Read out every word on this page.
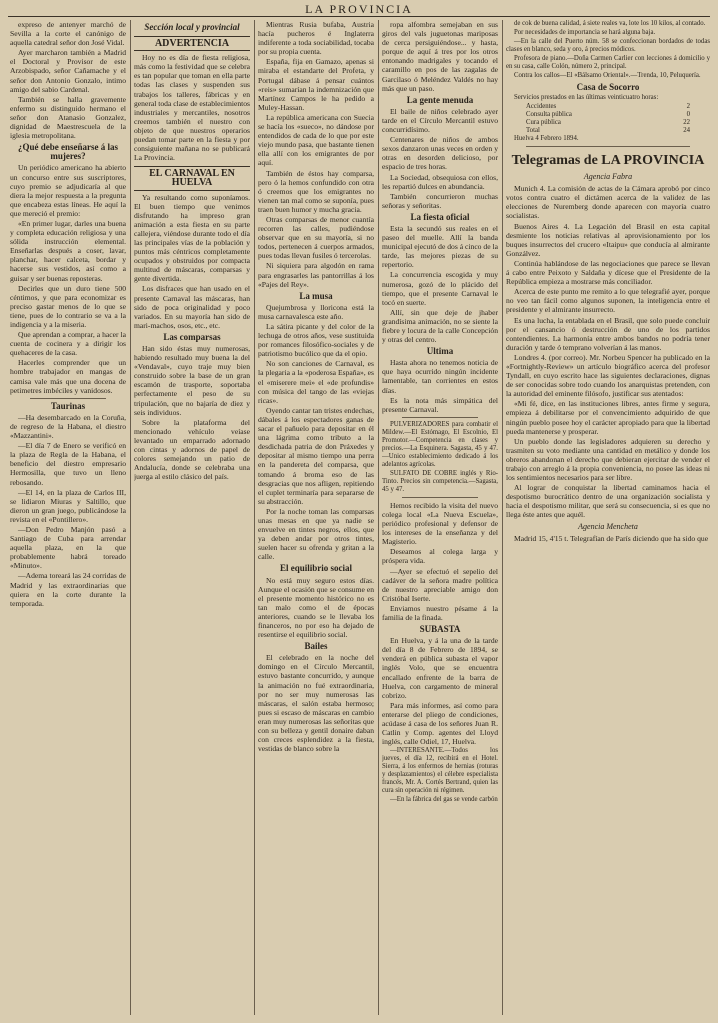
LA PROVINCIA

expreso de antenyer marchó de Sevilla a la corte el canónigo de aquella catedral señor don José Vidal.

Ayer marcharon también a Madrid el Doctoral y Provisor de este Arzobispado, señor Cañamache y el señor don Antonio Gonzalo, intimo amigo del sabio Cardenal.

También se halla gravemente enfermo su distinguido hermano el señor don Atanasio Gonzalez, dignidad de Maestrescuela de la iglesia metropolitana.

¿Qué debe enseñarse á las mujeres?

Un periódico americano ha abierto un concurso entre sus suscriptores, cuyo premio se adjudicaría al que diera la mejor respuesta a la pregunta que encabeza estas líneas. He aquí la que mereció el premio:

«En primer lugar, darles una buena y completa educación religiosa y una sólida instrucción elemental. Enseñarlas después a coser, lavar, planchar, hacer calceta, bordar y hacerse sus vestidos, así como a guisar y ser buenas reposteras.

Decirles que un duro tiene 500 céntimos, y que para economizar es preciso gastar menos de lo que se tiene, pues de lo contrario se va a la indigencia y a la miseria.

Que aprendan a comprar, a hacer la cuenta de cocinera y a dirigir los quehaceres de la casa.

Hacerles comprender que un hombre trabajador en mangas de camisa vale más que una docena de petimetres imbéciles y vanidosos.

Taurinas

—Ha desembarcado en la Coruña, de regreso de la Habana, el diestro «Mazzantini».

—El día 7 de Enero se verificó en la plaza de Regla de la Habana, el beneficio del diestro empresario Hermosilla, que tuvo un lleno rebosando.

—El 14, en la plaza de Carlos III, se lidiaron Miuras y Saltillo, que dieron un gran juego, publicándose la revista en el «Pontillero».

—Don Pedro Manjón pasó a Santiago de Cuba para arrendar aquella plaza, en la que probablemente habrá toreado «Minuto».

—Adema toreará las 24 corridas de Madrid y las extraordinarias que quiera en la corte durante la temporada.

Sección local y provincial
ADVERTENCIA

Hoy no es día de fiesta religiosa, más como la festividad que se celebra es tan popular que toman en ella parte todas las clases y suspenden sus trabajos los talleres, fábricas y en general toda clase de establecimientos industriales y mercantiles, nosotros creemos también el nuestro con objeto de que nuestros operarios puedan tomar parte en la fiesta y por consiguiente mañana no se publicará La Provincia.

EL CARNAVAL EN HUELVA

Ya resultando como suponíamos. El buen tiempo que venimos disfrutando ha impreso gran animación a esta fiesta en su parte callejera, viéndose durante todo el día las principales vías de la población y puntos más céntricos completamente ocupados y obstruidos por compacta multitud de máscaras, comparsas y gente divertida.

Los disfraces que han usado en el presente Carnaval las máscaras, han sido de poca originalidad y poco variados. En su mayoría han sido de mari-machos, osos, etc., etc.

Las comparsas

Han sido éstas muy numerosas, habiendo resultado muy buena la del «Vendaval», cuyo traje muy bien construido sobre la base de un gran escamón de trasporte, soportaba perfectamente el peso de su tripulación, que no bajaría de diez y seis individuos.

Sobre la plataforma del mencionado vehículo veíase levantado un emparrado adornado con cintas y adornos de papel de colores semejando un patio de Andalucía, donde se celebraba una juerga al estilo clásico del país.

Mientras Rusia bufaba, Austria hacía pucheros é Inglaterra indiferente a toda sociabilidad, tocaba por su propia cuenta.

España, fija en Gamazo, apenas si miraba el estandarte del Profeta, y Portugal dábase á pensar cuántos «reis» sumarían la indemnización que Martínez Campos le ha pedido a Muley-Hassan.

La república americana con Suecia se hacía los «sueco», no dándose por entendidos de cada de lo que por este viejo mundo pasa, que bastante tienen ella allí con los emigrantes de por aquí.

También de éstos hay comparsa, pero ó la hemos confundido con otra ó creemos que los emigrantes no vienen tan mal como se suponía, pues traen buen humor y mucha gracia.

Otras comparsas de menor cuantía recorren las calles, pudiéndose observar que en su mayoría, si no todos, pertenecen á cuerpos armados, pues todas llevan fusiles ó tercerolas.

Ni siquiera para algodón en rama para engrasarles las pantorrillas á los «Pajes del Rey».

La musa

Quejumbrosa y lloricona está la musa carnavalesca este año.

La sátira picante y del color de la lechuga de otros años, vese sustituida por romances filosófico-sociales y de patriotismo bucólico que da el opio.

No son canciones de Carnaval, es la plegaria a la «poderosa España», es el «miserere mei» el «de profundis» con música del tango de las «viejas ricas».

Oyendo cantar tan tristes endechas, dábales á los espectadores ganas de sacar el pañuelo para depositar en él una lágrima como tributo a la desdichada patria de don Práxedes y depositar al mismo tiempo una perra en la pandereta del comparsa, que tomando á broma eso de las desgracias que nos afligen, repitiendo el cuplet terminaría para separarse de su abstracción.

Por la noche toman las comparsas unas mesas en que ya nadie se envuelve en tintes negros, ellos, que ya deben andar por otros tintes, suelen hacer su ofrenda y gritan a la calle.

El equilibrio social

No está muy seguro estos días. Aunque el ocasión que se consume en el presente momento histórico no es tan malo como el de épocas anteriores, cuando se le llevaba los financeros, no por eso ha dejado de resentirse el equilibrio social.

Bailes

El celebrado en la noche del domingo en el Círculo Mercantil, estuvo bastante concurrido, y aunque la animación no fué extraordinaria, por no ser muy numerosas las máscaras, el salón estaba hermoso; pues si escaso de máscaras en cambio eran muy numerosas las señoritas que con su belleza y gentil donaire daban con creces esplendidez a la fiesta, vestidas de blanco sobre la

ropa alfombra semejaban en sus giros del vals juguetonas mariposas de cerca persiguiéndose... y hasta, porque de aquí á tres por los otros entonando madrigales y tocando el caramillo en pos de las zagalas de Garcilaso ó Meléndez Valdés no hay más que un paso.

La gente menuda

El baile de niños celebrado ayer tarde en el Círculo Mercantil estuvo concurridísimo.

Centenares de niños de ambos sexos danzaron unas veces en orden y otras en desorden delicioso, por espacio de tres horas.

La Sociedad, obsequiosa con ellos, les repartió dulces en abundancia.

También concurrieron muchas señoras y señoritas.

La fiesta oficial

Esta la secundó sus reales en el paseo del muelle. Allí la banda municipal ejecutó de dos á cinco de la tarde, las mejores piezas de su repertorio.

La concurrencia escogida y muy numerosa, gozó de lo plácido del tiempo, que el presente Carnaval le tocó en suerte.

Allí, sin que deje de jhaber grandísima animación, no se siente la fiebre y locura de la calle Concepción y otras del centro.

Ultima

Hasta ahora no tenemos noticia de que haya ocurrido ningún incidente lamentable, tan corrientes en estos días.

Es la nota más simpática del presente Carnaval.

PULVERIZADORES para combatir el Mildew.—El Estómago, El Escolnio, El Promotor.—Competencia en clases y precios.—La Esquinera. Sagasta, 45 y 47.—Unico establecimiento dedicado á los adelantos agrícolas.

SULFATO DE COBRE inglés y Rio-Tinto. Precios sin competencia.—Sagasta, 45 y 47.

Hemos recibido la visita del nuevo colega local «La Nueva Escuela», periódico profesional y defensor de los intereses de la enseñanza y del Magisterio.

Deseamos al colega larga y próspera vida.

—Ayer se efectuó el sepelio del cadáver de la señora madre política de nuestro apreciable amigo don Cristóbal Iserte.

Enviamos nuestro pésame á la familia de la finada.

SUBASTA

En Huelva, y á la una de la tarde del día 8 de Febrero de 1894, se venderá en pública subasta el vapor inglés Volo, que se encuentra encallado enfrente de la barra de Huelva, con cargamento de mineral cobrizo.

Para más informes, así como para enterarse del pliego de condiciones, acúdase á casa de los señores Juan R. Catlin y Comp. agentes del Lloyd inglés, calle Odiel, 17, Huelva.

—INTERESANTE.—Todos los jueves, el día 12, recibirá en el Hotel. Sierra, á los enfermos de hernias (roturas y desplazamientos) el célebre especialista francés, Mr. A. Cortés Bertrand, quien las cura sin operación ni régimen.

—En la fábrica del gas se vende carbón

de cok de buena calidad, á siete reales va, lote los 10 kilos, al contado.

Por necesidades de importancia se hará alguna baja.

—En la calle del Puerto núm. 58 se confeccionan bordados de todas clases en blanco, seda y oro, á precios módicos.

Profesora de piano.—Doña Carmen Carlier con lecciones á domicilio y en su casa, calle Colón, número 2, principal.

Contra los callos—El «Bálsamo Oriental».—Trenda, 10, Peluquería.

Casa de Socorro

Servicios prestados en las últimas veinticuatro horas:

Accidentes	2
Consulta pública	0
Cura pública	22
Total	24

Huelva 4 Febrero 1894.

Telegramas de LA PROVINCIA
Agencia Fabra

Munich 4. La comisión de actas de la Cámara aprobó por cinco votos contra cuatro el dictámen acerca de la validez de las elecciones de Nuremberg donde aparecen con mayoría cuatro socialistas.

Buenos Aires 4. La Legación del Brasil en esta capital desmiente los noticias relativas al aprovisionamiento por los buques insurrectos del crucero «Itaipu» que conducía al almirante Gonzálvez.

Continúa hablándose de las negociaciones que parece se llevan á cabo entre Peixoto y Saldaña y dícese que el Presidente de la República empieza a mostrarse más conciliador.

Acerca de este punto me remito a lo que telegrafié ayer, porque no veo tan fácil como algunos suponen, la inteligencia entre el presidente y el almirante insurrecto.

Es una lucha, la entablada en el Brasil, que solo puede concluir por el cansancio ó destrucción de uno de los partidos contendientes. La harmonía entre ambos bandos no podría tener duración y tarde ó temprano volverían á las manos.

Londres 4. (por correo). Mr. Norbeu Spencer ha publicado en la «Fortnightly-Review» un artículo biográfico acerca del profesor Tyndall, en cuyo escrito hace las siguientes declaraciones, dignas de ser conocidas sobre todo cuando los anarquistas pretenden, con la autoridad del eminente filósofo, justificar sus atentados:

«Mi fé, dice, en las instituciones libres, antes firme y segura, empieza á debilitarse por el convencimiento adquirido de que ningún pueblo posee hoy el carácter apropiado para que la libertad pueda mantenerse y prosperar.

Un pueblo donde las legisladores adquieren su derecho y trasmiten su voto mediante una cantidad en metálico y donde los obreros abandonan el derecho que debieran ejercitar de vender el trabajo con arreglo á la propia conveniencia, no posee las ideas ni los sentimientos necesarios para ser libre.

Al lograr de conquistar la libertad caminamos hacia el despotismo burocrático dentro de una organización socialista y hacia el despotismo militar, que será su consecuencia, si es que no llega éste antes que aquél.

Agencia Mencheta

Madrid 15, 4'15 t. Telegrafían de París diciendo que ha sido que
